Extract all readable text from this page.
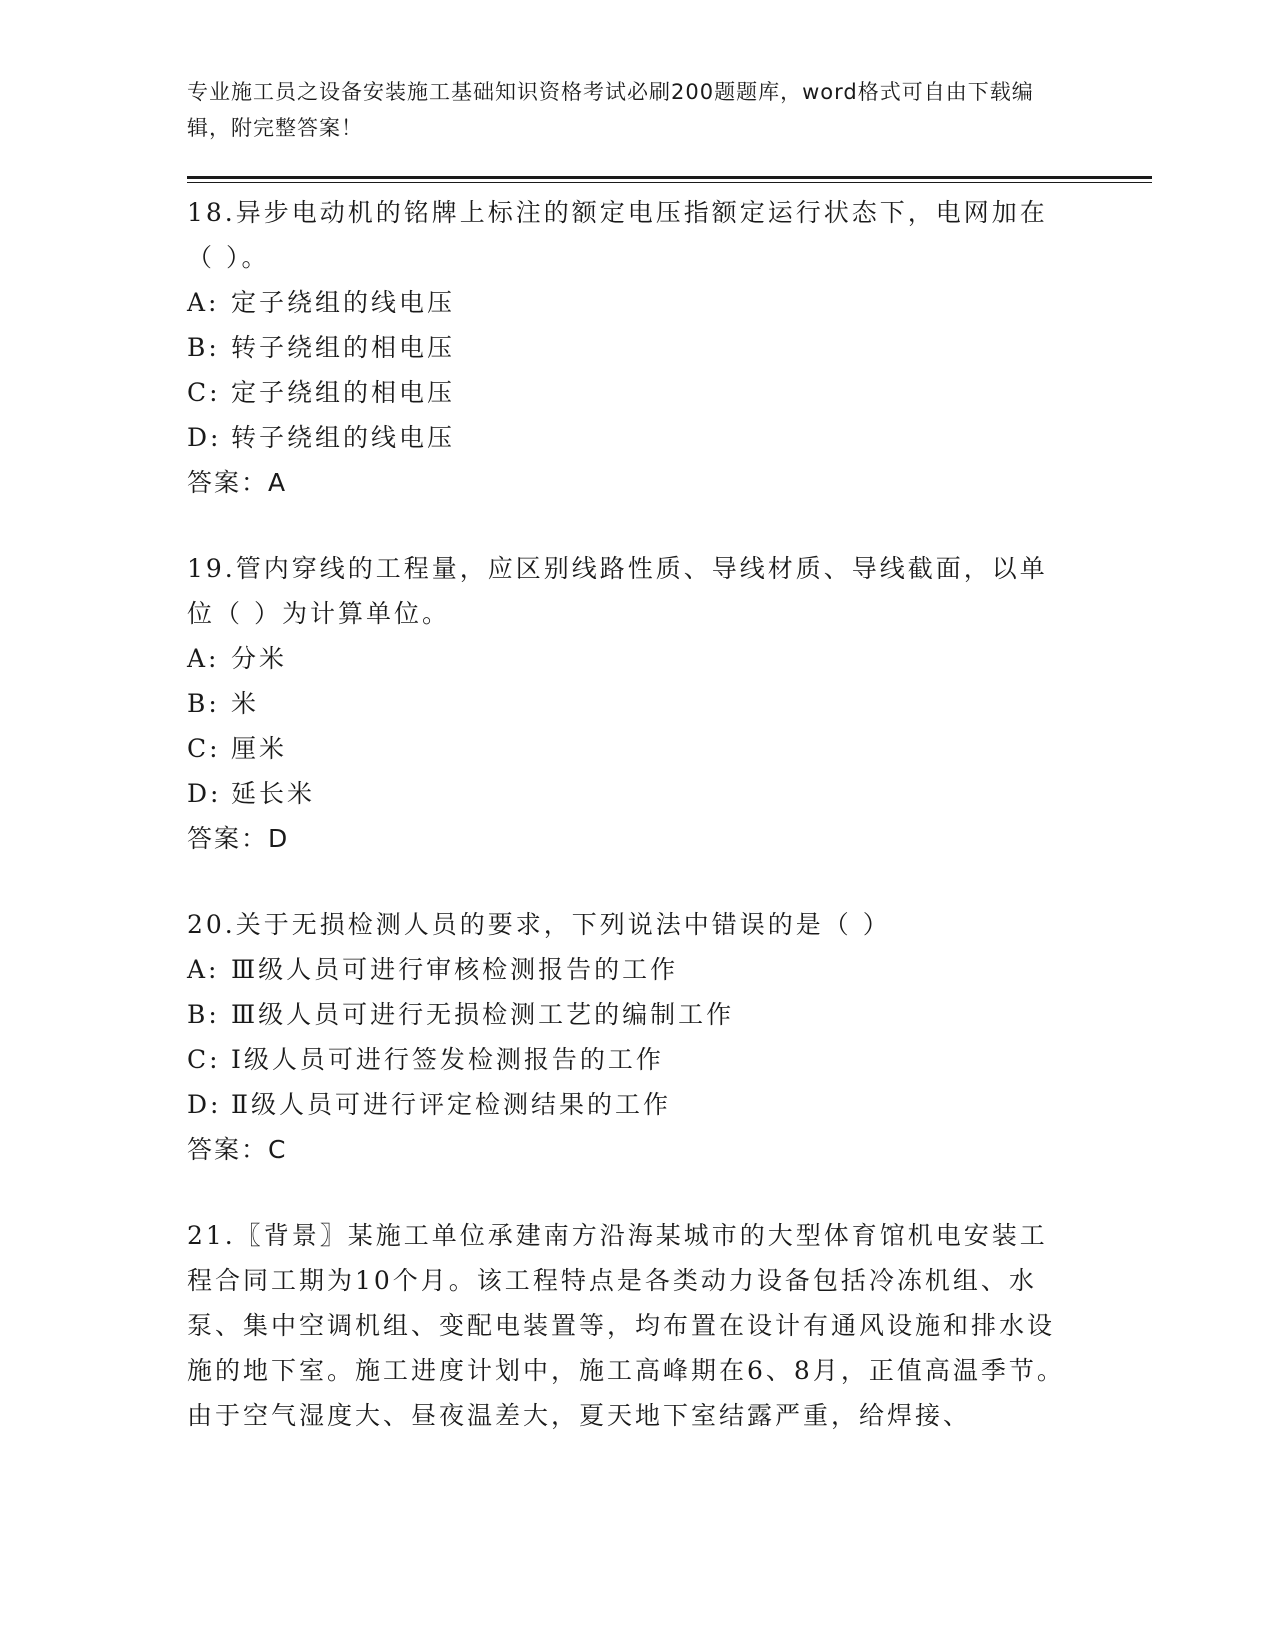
专业施工员之设备安装施工基础知识资格考试必刷200题题库，word格式可自由下载编辑，附完整答案！
18.异步电动机的铭牌上标注的额定电压指额定运行状态下，电网加在（ ）。
A: 定子绕组的线电压
B: 转子绕组的相电压
C: 定子绕组的相电压
D: 转子绕组的线电压
答案：A
19.管内穿线的工程量，应区别线路性质、导线材质、导线截面，以单位（ ）为计算单位。
A: 分米
B: 米
C: 厘米
D: 延长米
答案：D
20.关于无损检测人员的要求，下列说法中错误的是（ ）
A: Ⅲ级人员可进行审核检测报告的工作
B: Ⅲ级人员可进行无损检测工艺的编制工作
C: Ⅰ级人员可进行签发检测报告的工作
D: Ⅱ级人员可进行评定检测结果的工作
答案：C
21.〖背景〗某施工单位承建南方沿海某城市的大型体育馆机电安装工程合同工期为10个月。该工程特点是各类动力设备包括冷冻机组、水泵、集中空调机组、变配电装置等，均布置在设计有通风设施和排水设施的地下室。施工进度计划中，施工高峰期在6、8月，正值高温季节。由于空气湿度大、昼夜温差大，夏天地下室结露严重，给焊接、
